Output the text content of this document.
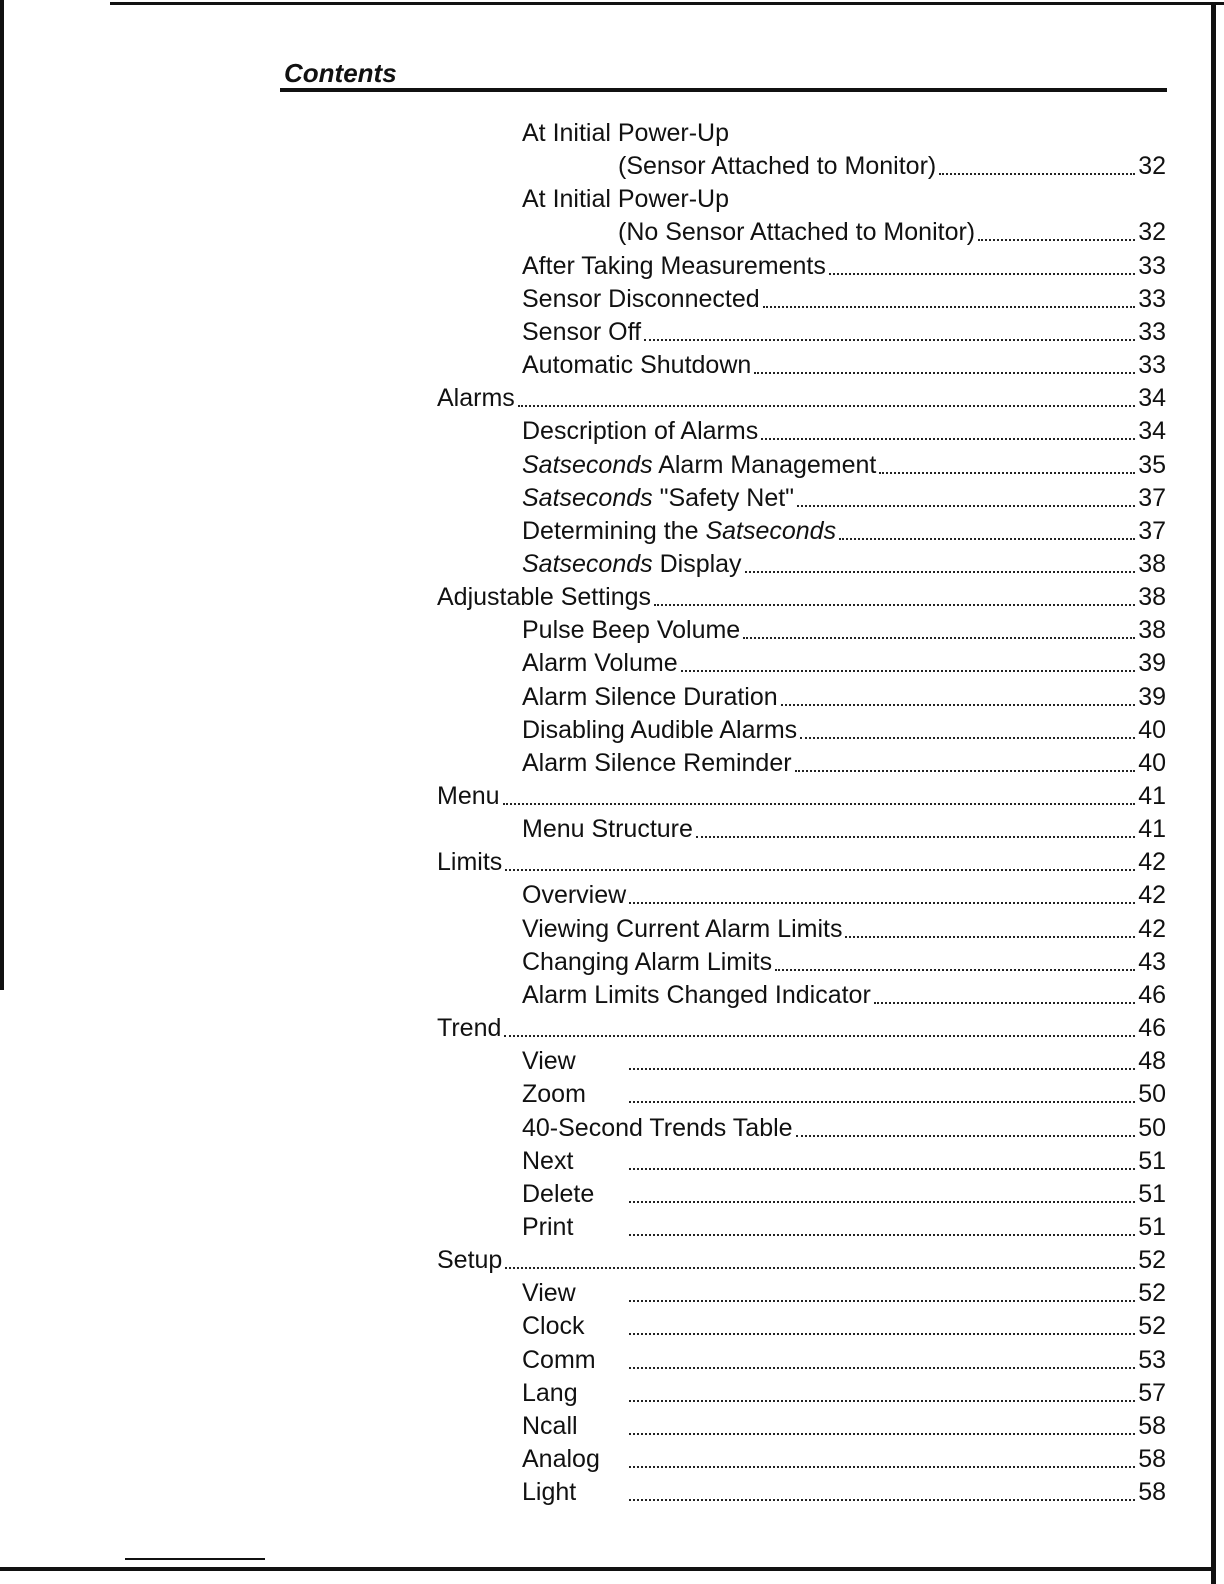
Contents
At Initial Power-Up
(Sensor Attached to Monitor)	32
At Initial Power-Up
(No Sensor Attached to Monitor)	32
After Taking Measurements	33
Sensor Disconnected	33
Sensor Off	33
Automatic Shutdown	33
Alarms	34
Description of Alarms	34
Satseconds Alarm Management	35
Satseconds "Safety Net"	37
Determining the Satseconds	37
Satseconds Display	38
Adjustable Settings	38
Pulse Beep Volume	38
Alarm Volume	39
Alarm Silence Duration	39
Disabling Audible Alarms	40
Alarm Silence Reminder	40
Menu	41
Menu Structure	41
Limits	42
Overview	42
Viewing Current Alarm Limits	42
Changing Alarm Limits	43
Alarm Limits Changed Indicator	46
Trend	46
View	48
Zoom	50
40-Second Trends Table	50
Next	51
Delete	51
Print	51
Setup	52
View	52
Clock	52
Comm	53
Lang	57
Ncall	58
Analog	58
Light	58
